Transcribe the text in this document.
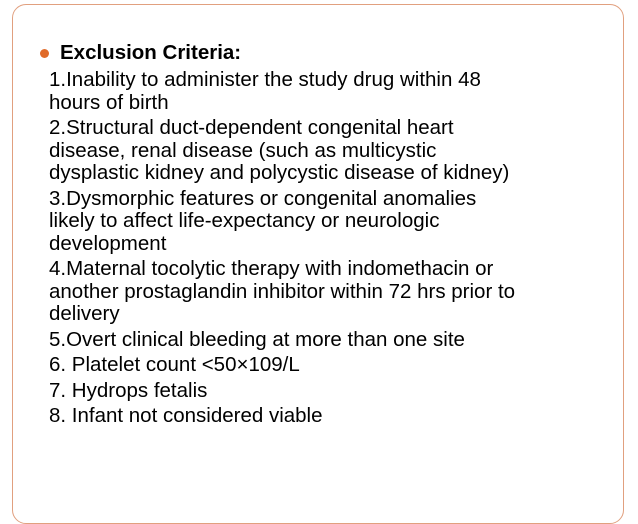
Exclusion Criteria:
1.Inability to administer the study drug within 48
hours of birth
2.Structural duct-dependent congenital heart
disease, renal disease (such as multicystic
dysplastic kidney and polycystic disease of kidney)
3.Dysmorphic features or congenital anomalies
likely to affect life-expectancy or neurologic
development
4.Maternal tocolytic therapy with indomethacin or
another prostaglandin inhibitor within 72 hrs prior to
delivery
5.Overt clinical bleeding at more than one site
6. Platelet count <50×109/L
7. Hydrops fetalis
8. Infant not considered viable
